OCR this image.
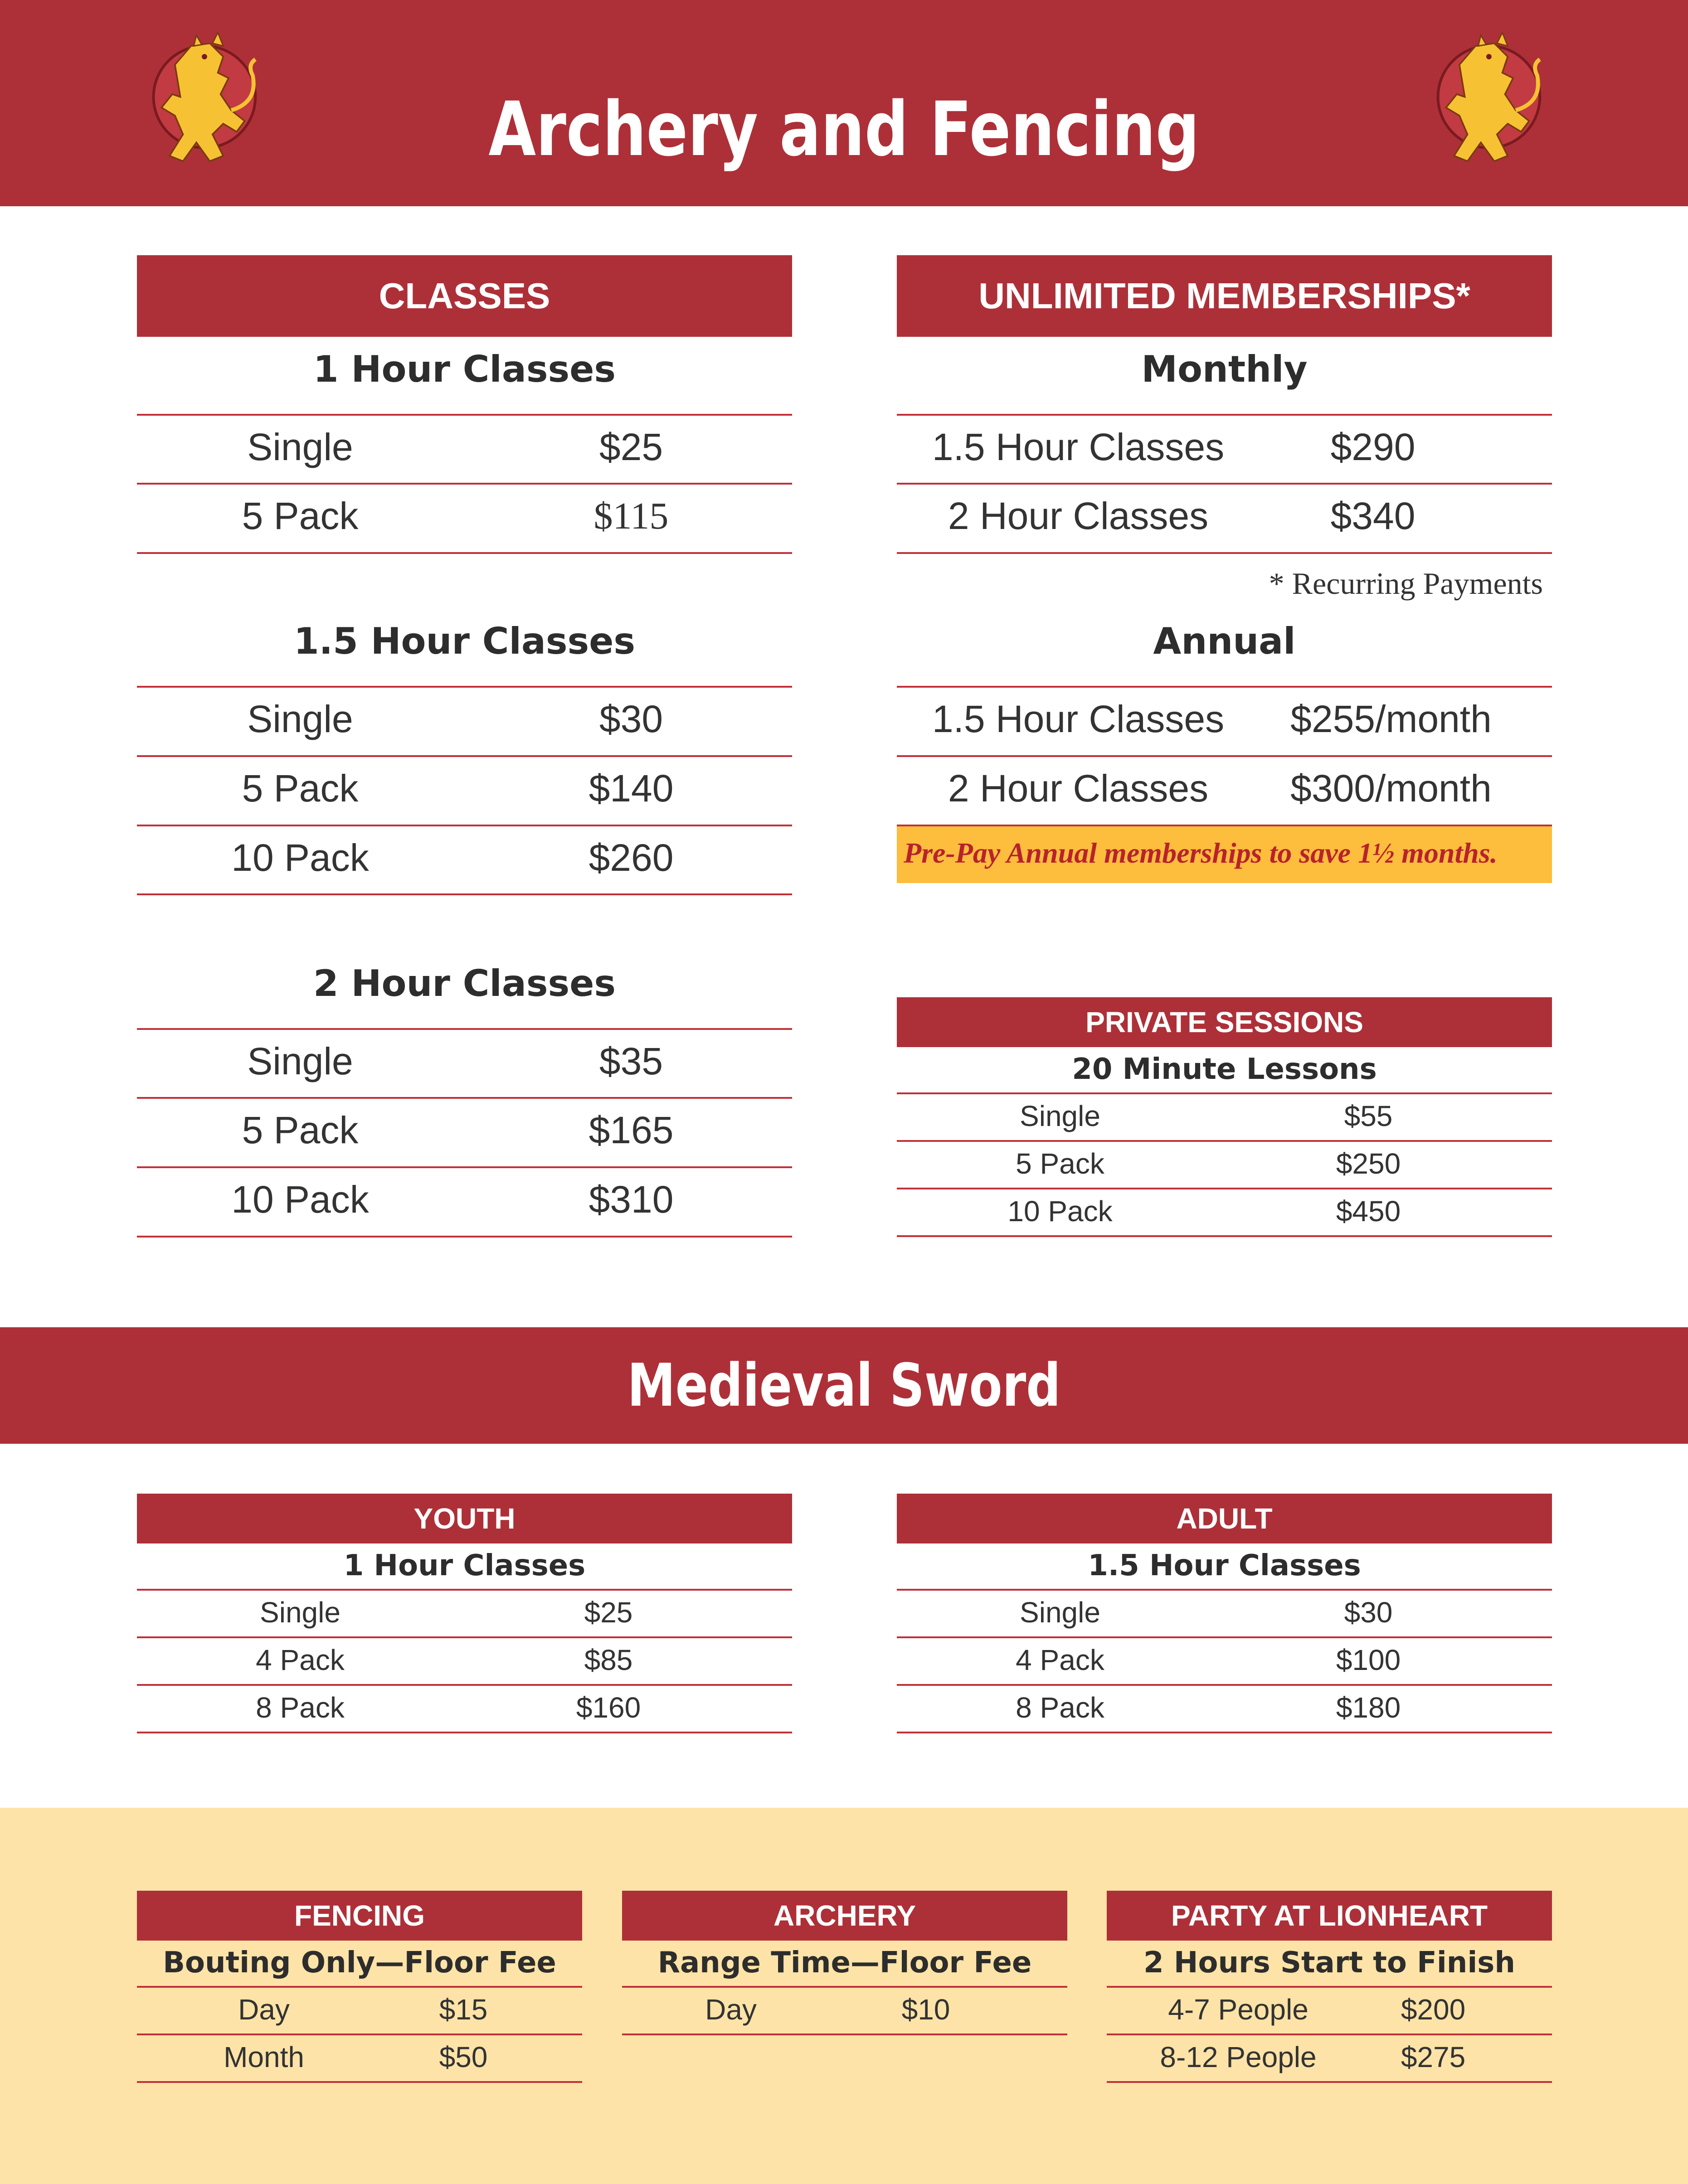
Archery and Fencing
CLASSES
1 Hour Classes
Single	$25
5 Pack	$115
1.5 Hour Classes
Single	$30
5 Pack	$140
10 Pack	$260
2 Hour Classes
Single	$35
5 Pack	$165
10 Pack	$310
UNLIMITED MEMBERSHIPS*
Monthly
1.5 Hour Classes	$290
2 Hour Classes	$340
* Recurring Payments
Annual
1.5 Hour Classes	$255/month
2 Hour Classes	$300/month
Pre-Pay Annual memberships to save 1½ months.
PRIVATE SESSIONS
20 Minute Lessons
Single	$55
5 Pack	$250
10 Pack	$450
Medieval Sword
YOUTH
1 Hour Classes
Single	$25
4 Pack	$85
8 Pack	$160
ADULT
1.5 Hour Classes
Single	$30
4 Pack	$100
8 Pack	$180
FENCING
Bouting Only—Floor Fee
Day	$15
Month	$50
ARCHERY
Range Time—Floor Fee
Day	$10
PARTY AT LIONHEART
2 Hours Start to Finish
4-7 People	$200
8-12 People	$275
